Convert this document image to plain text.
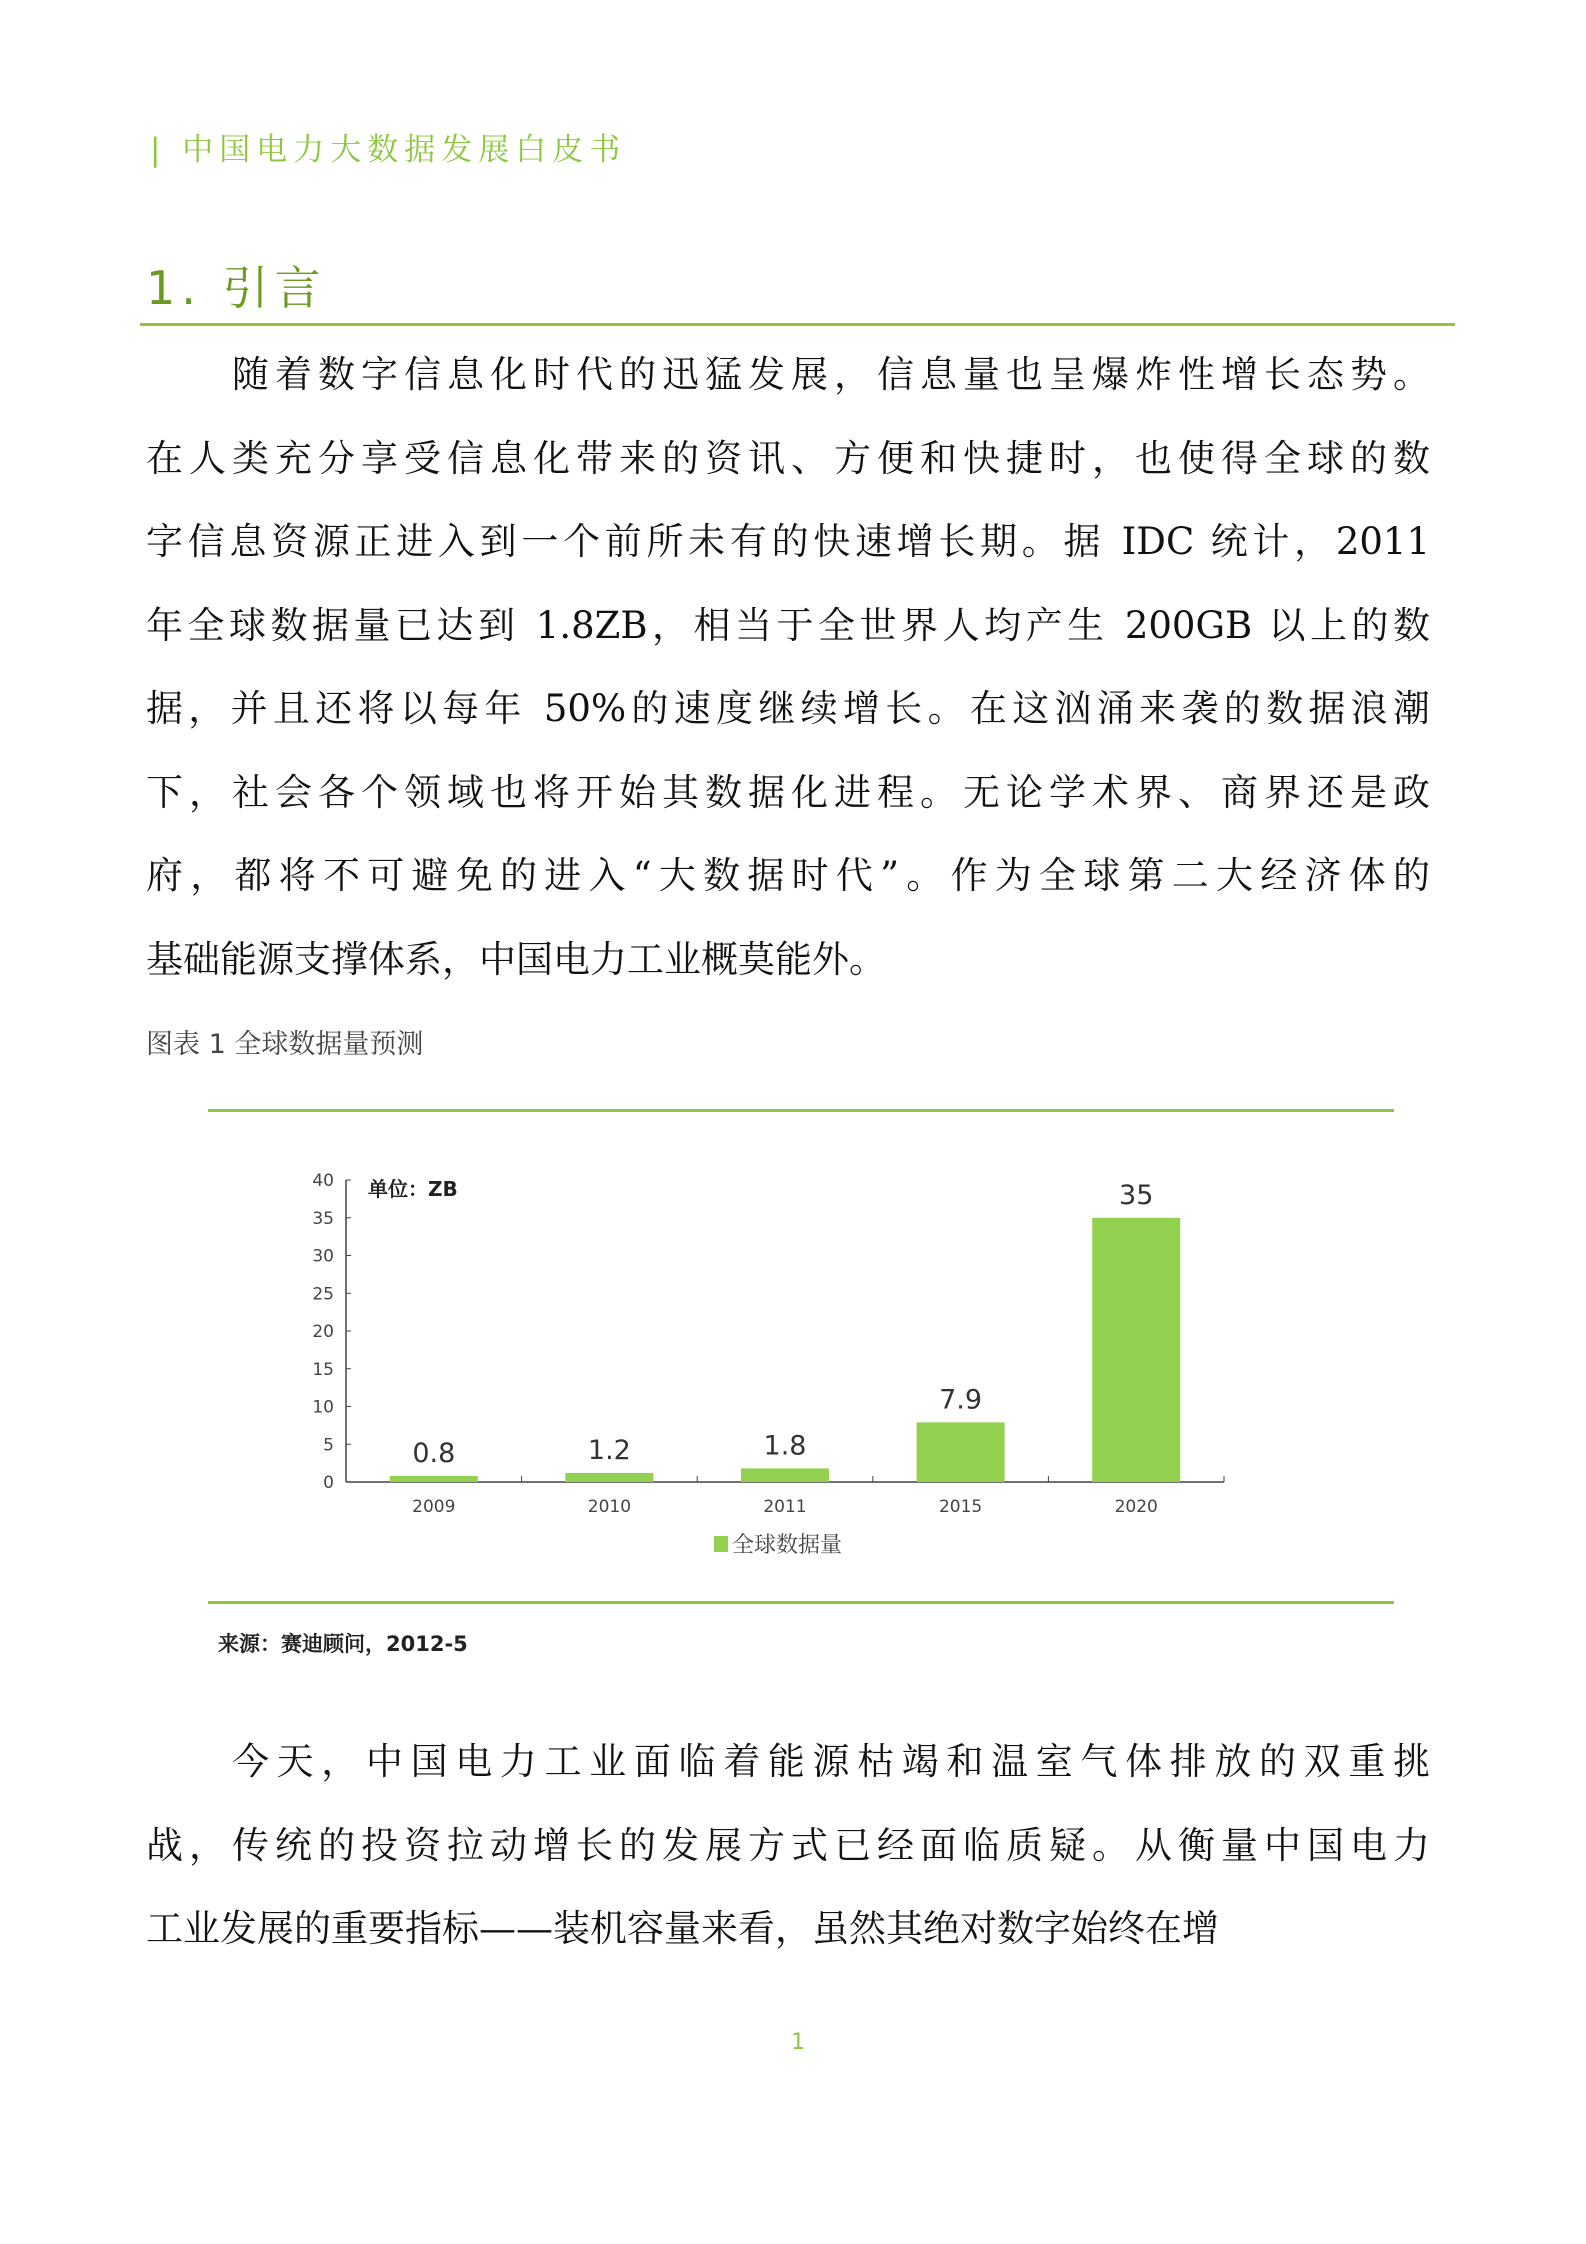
| 中国电力大数据发展白皮书
1. 引言
随着数字信息化时代的迅猛发展，信息量也呈爆炸性增长态势。
在人类充分享受信息化带来的资讯、方便和快捷时，也使得全球的数
字信息资源正进入到一个前所未有的快速增长期。据 IDC 统计，2011
年全球数据量已达到 1.8ZB，相当于全世界人均产生 200GB 以上的数
据，并且还将以每年 50%的速度继续增长。在这汹涌来袭的数据浪潮
下，社会各个领域也将开始其数据化进程。无论学术界、商界还是政
府，都将不可避免的进入“大数据时代”。作为全球第二大经济体的
基础能源支撑体系，中国电力工业概莫能外。
图表 1 全球数据量预测
0
5
10
15
20
25
30
35
40 单位：ZB
0.8
2009
1.2
2010
1.8
2011
7.9
2015
35
2020
全球数据量
来源：赛迪顾问，2012-5
今天，中国电力工业面临着能源枯竭和温室气体排放的双重挑
战，传统的投资拉动增长的发展方式已经面临质疑。从衡量中国电力
工业发展的重要指标——装机容量来看，虽然其绝对数字始终在增
1
